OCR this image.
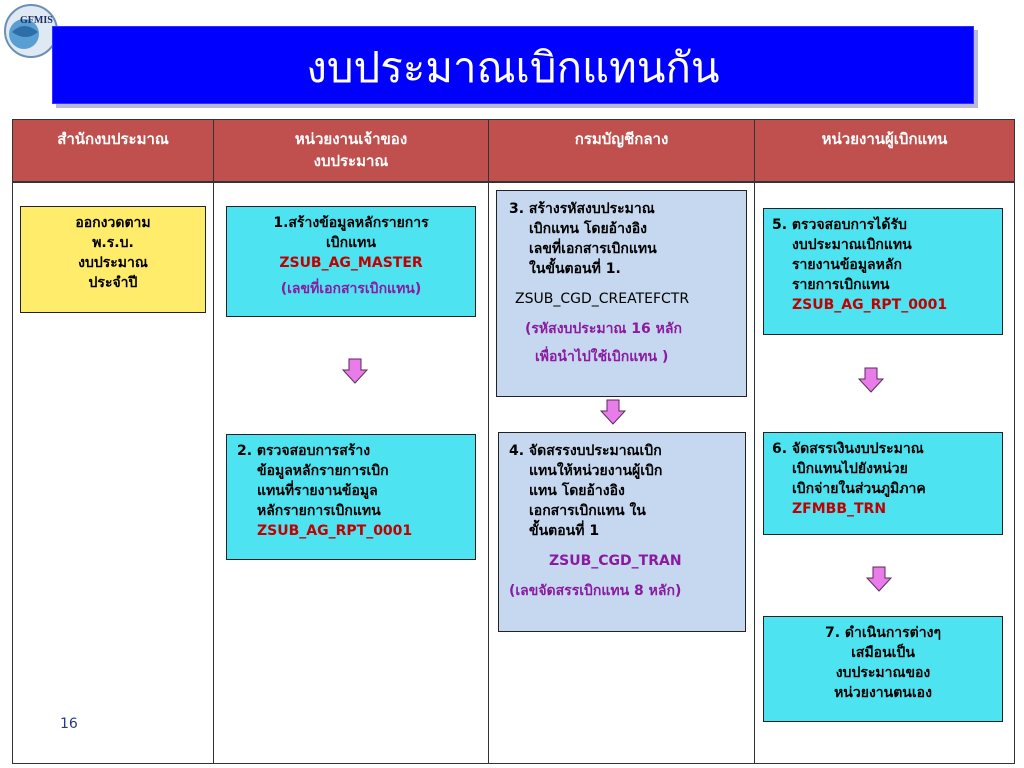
GFMIS
งบประมาณเบิกแทนกัน
สำนักงบประมาณ	หน่วยงานเจ้าของ
งบประมาณ
กรมบัญชีกลาง	หน่วยงานผู้เบิกแทน
ออกงวดตาม
พ.ร.บ.
งบประมาณ
ประจำปี
1.สร้างข้อมูลหลักรายการ
เบิกแทน
ZSUB_AG_MASTER
(เลขที่เอกสารเบิกแทน)
2. ตรวจสอบการสร้าง
ข้อมูลหลักรายการเบิก
แทนที่รายงานข้อมูล
หลักรายการเบิกแทน
ZSUB_AG_RPT_0001
3. สร้างรหัสงบประมาณ
เบิกแทน โดยอ้างอิง
เลขที่เอกสารเบิกแทน
ในขั้นตอนที่ 1.
ZSUB_CGD_CREATEFCTR
(รหัสงบประมาณ 16 หลัก
เพื่อนำไปใช้เบิกแทน )
4. จัดสรรงบประมาณเบิก
แทนให้หน่วยงานผู้เบิก
แทน โดยอ้างอิง
เอกสารเบิกแทน ใน
ขั้นตอนที่ 1
ZSUB_CGD_TRAN
(เลขจัดสรรเบิกแทน 8 หลัก)
5. ตรวจสอบการได้รับ
งบประมาณเบิกแทน
รายงานข้อมูลหลัก
รายการเบิกแทน
ZSUB_AG_RPT_0001
6. จัดสรรเงินงบประมาณ
เบิกแทนไปยังหน่วย
เบิกจ่ายในส่วนภูมิภาค
ZFMBB_TRN
7. ดำเนินการต่างๆ
เสมือนเป็น
งบประมาณของ
หน่วยงานตนเอง
16
